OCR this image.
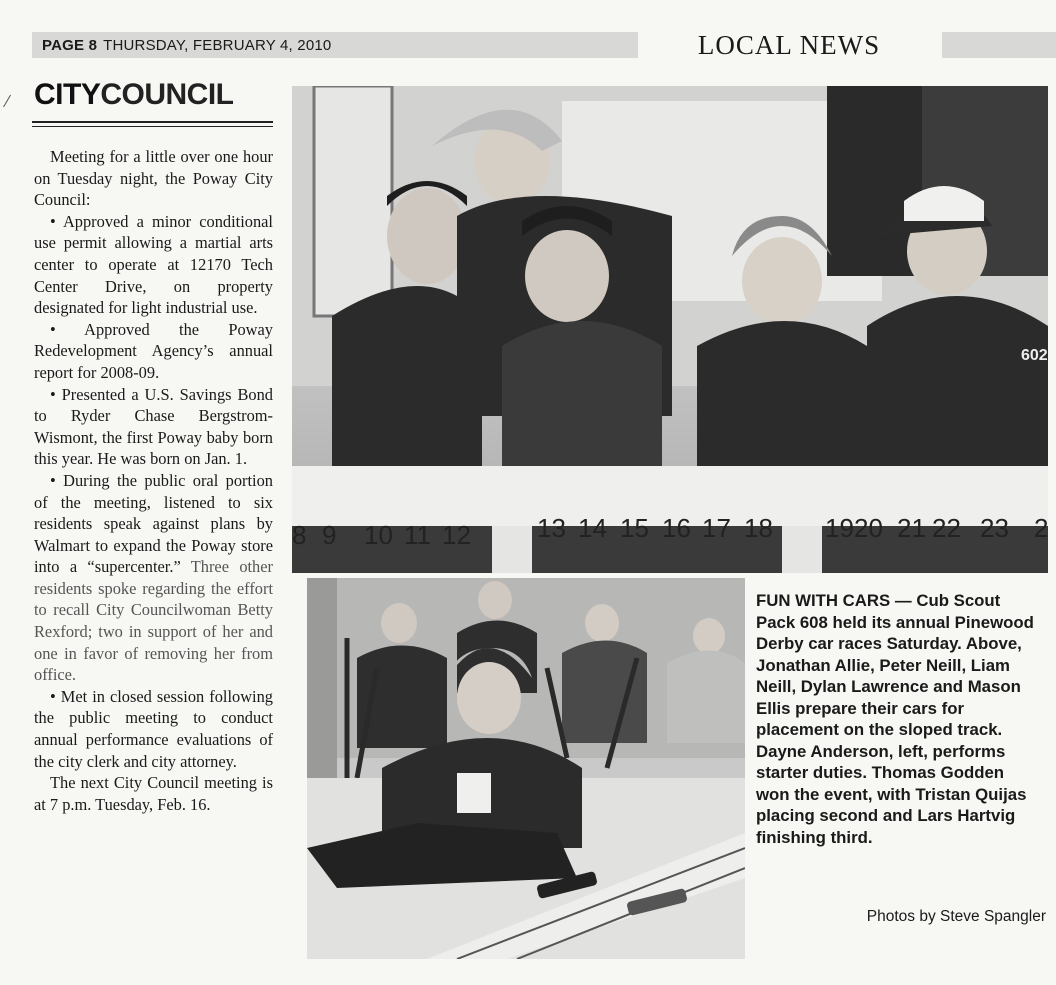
PAGE 8 THURSDAY, FEBRUARY 4, 2010	LOCAL NEWS
CITYCOUNCIL

Meeting for a little over one hour on Tuesday night, the Poway City Council:

• Approved a minor conditional use permit allowing a martial arts center to operate at 12170 Tech Center Drive, on property designated for light industrial use.

• Approved the Poway Redevelopment Agency’s annual report for 2008-09.

• Presented a U.S. Savings Bond to Ryder Chase Bergstrom-Wismont, the first Poway baby born this year. He was born on Jan. 1.

• During the public oral portion of the meeting, listened to six residents speak against plans by Walmart to expand the Poway store into a “supercenter.” Three other residents spoke regarding the effort to recall City Councilwoman Betty Rexford; two in support of her and one in favor of removing her from office.

• Met in closed session following the public meeting to conduct annual performance evaluations of the city clerk and city attorney.

The next City Council meeting is at 7 p.m. Tuesday, Feb. 16.

602
8 9 10 11 12	13 14 15 16 17 18 19 20 21 22 23 2
FUN WITH CARS — Cub Scout Pack 608 held its annual Pinewood Derby car races Saturday. Above, Jonathan Allie, Peter Neill, Liam Neill, Dylan Lawrence and Mason Ellis prepare their cars for placement on the sloped track. Dayne Anderson, left, performs starter duties. Thomas Godden won the event, with Tristan Quijas placing second and Lars Hartvig finishing third.
Photos by Steve Spangler
